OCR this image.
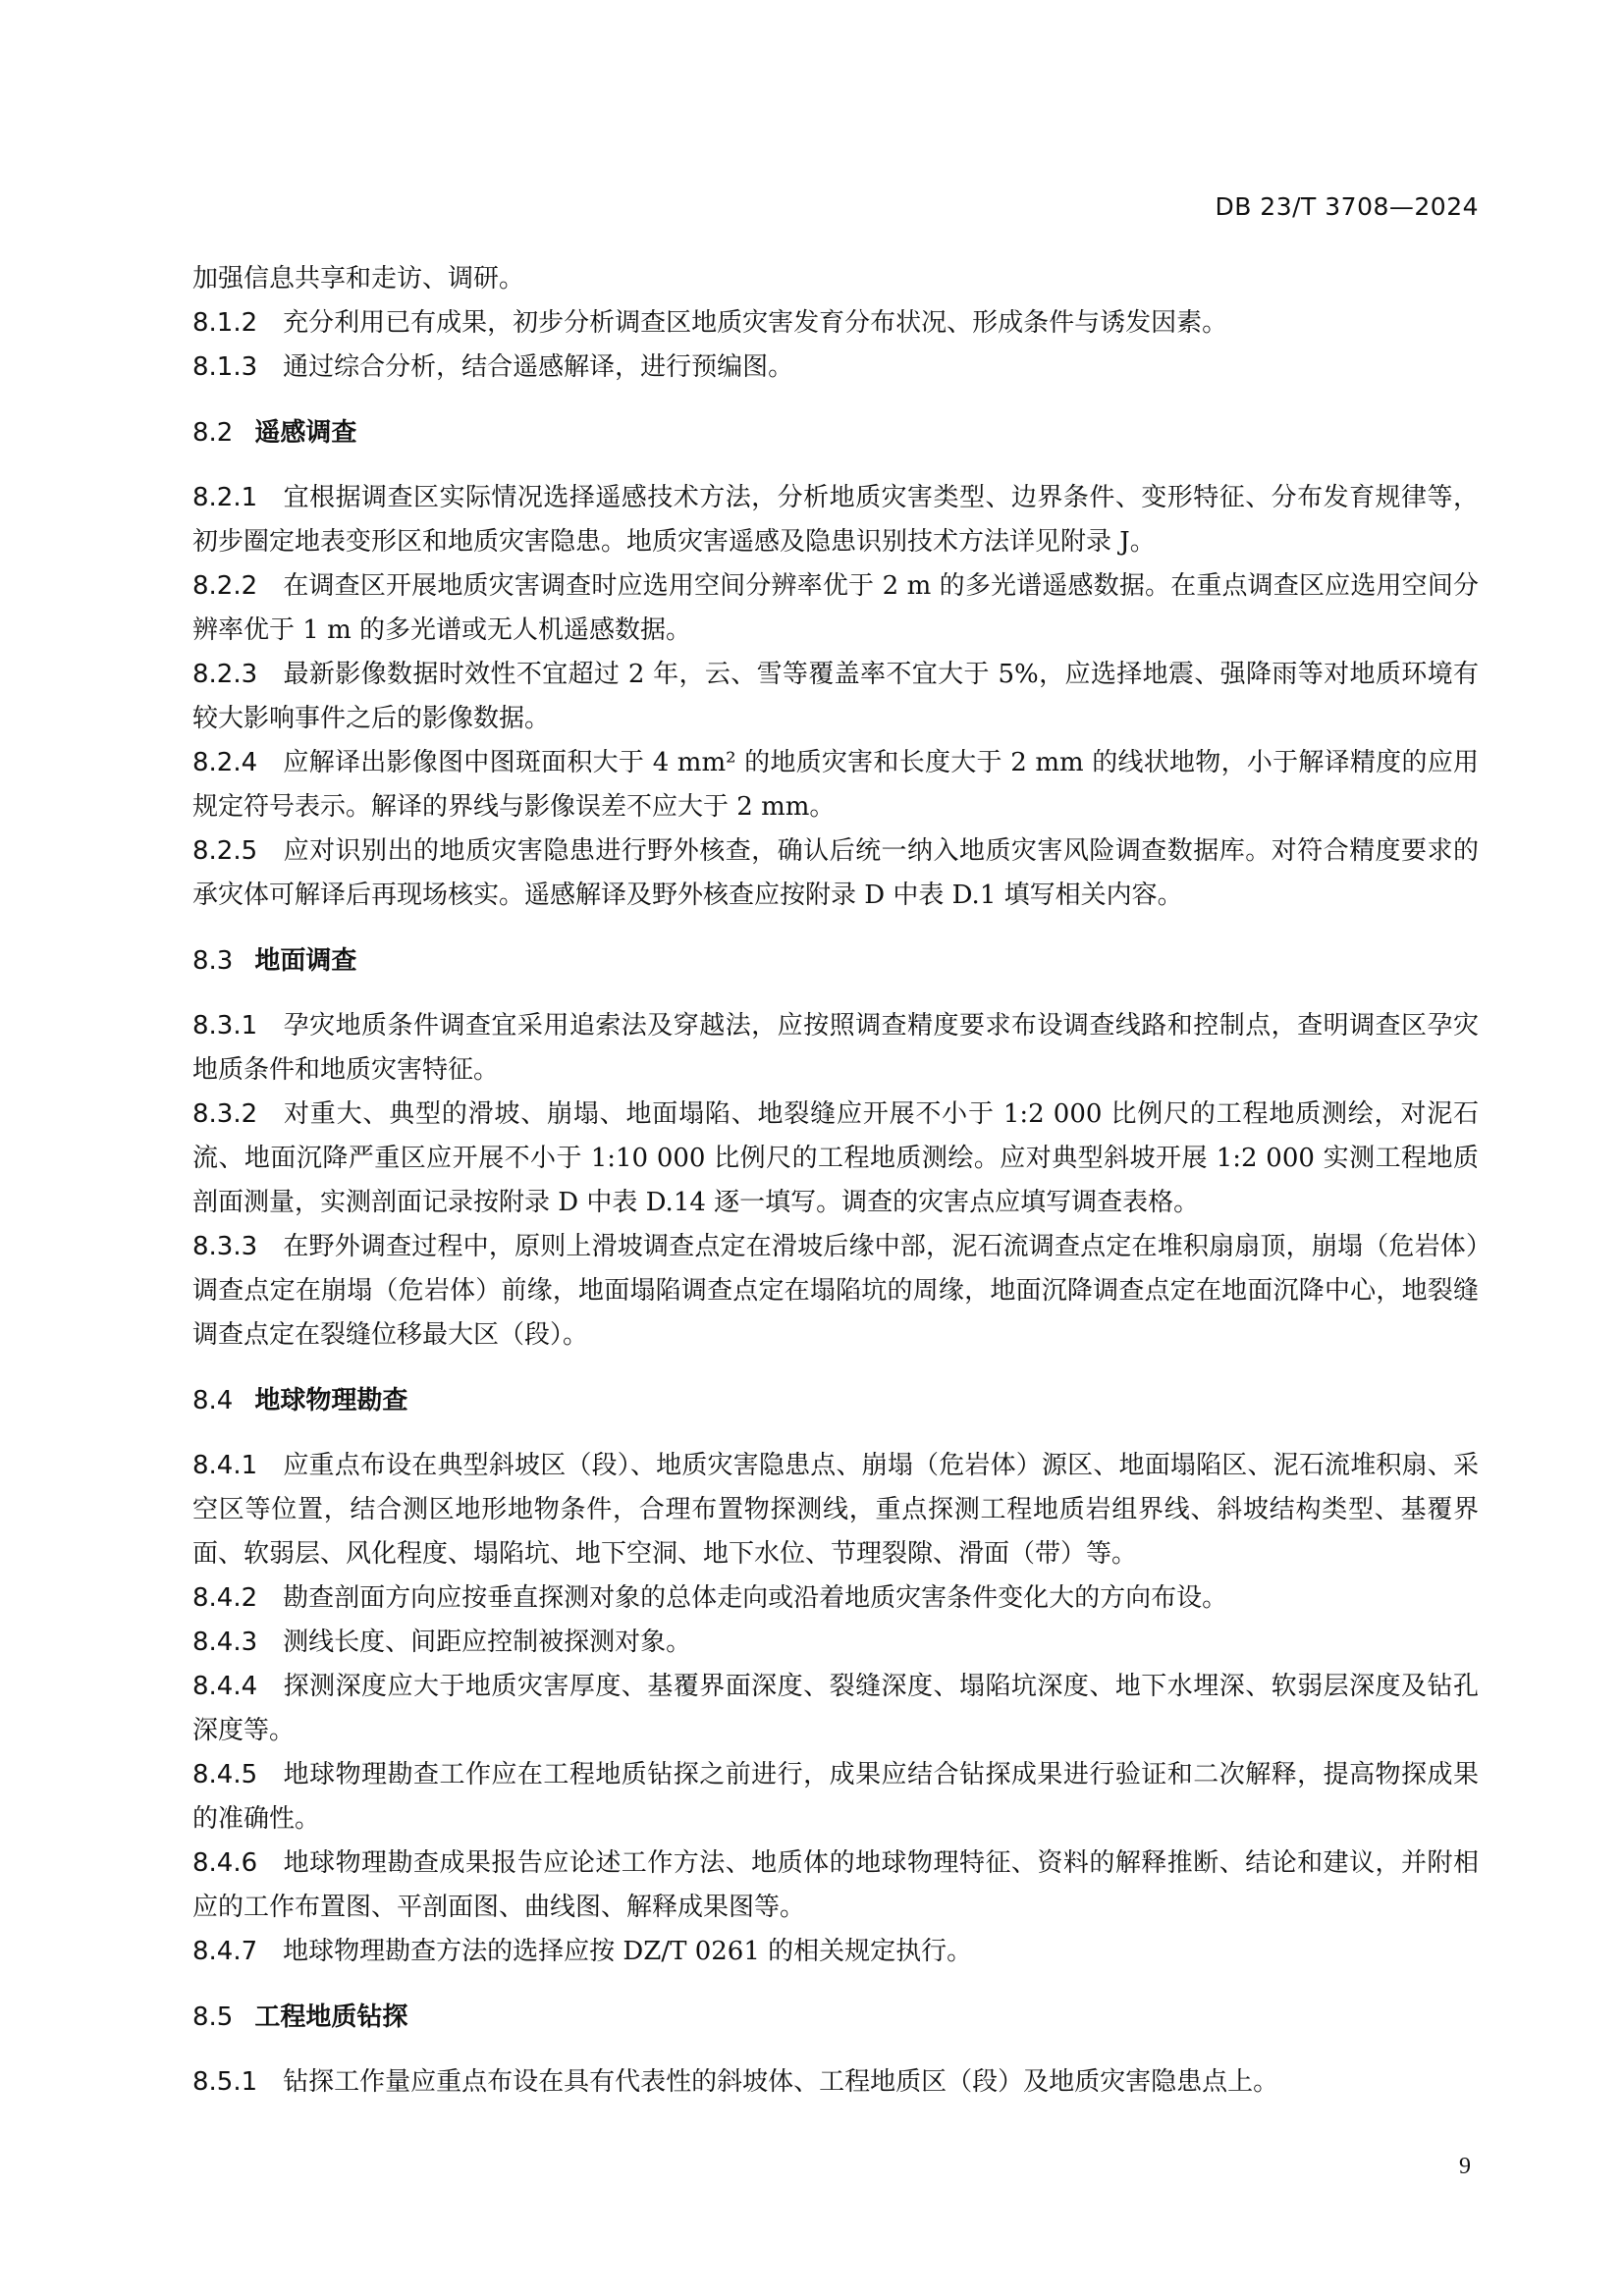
DB 23/T 3708—2024

加强信息共享和走访、调研。

8.1.2 充分利用已有成果，初步分析调查区地质灾害发育分布状况、形成条件与诱发因素。

8.1.3 通过综合分析，结合遥感解译，进行预编图。

8.2 遥感调查

8.2.1 宜根据调查区实际情况选择遥感技术方法，分析地质灾害类型、边界条件、变形特征、分布发育规律等，初步圈定地表变形区和地质灾害隐患。地质灾害遥感及隐患识别技术方法详见附录 J。

8.2.2 在调查区开展地质灾害调查时应选用空间分辨率优于 2 m 的多光谱遥感数据。在重点调查区应选用空间分辨率优于 1 m 的多光谱或无人机遥感数据。

8.2.3 最新影像数据时效性不宜超过 2 年，云、雪等覆盖率不宜大于 5%，应选择地震、强降雨等对地质环境有较大影响事件之后的影像数据。

8.2.4 应解译出影像图中图斑面积大于 4 mm² 的地质灾害和长度大于 2 mm 的线状地物，小于解译精度的应用规定符号表示。解译的界线与影像误差不应大于 2 mm。

8.2.5 应对识别出的地质灾害隐患进行野外核查，确认后统一纳入地质灾害风险调查数据库。对符合精度要求的承灾体可解译后再现场核实。遥感解译及野外核查应按附录 D 中表 D.1 填写相关内容。

8.3 地面调查

8.3.1 孕灾地质条件调查宜采用追索法及穿越法，应按照调查精度要求布设调查线路和控制点，查明调查区孕灾地质条件和地质灾害特征。

8.3.2 对重大、典型的滑坡、崩塌、地面塌陷、地裂缝应开展不小于 1:2 000 比例尺的工程地质测绘，对泥石流、地面沉降严重区应开展不小于 1:10 000 比例尺的工程地质测绘。应对典型斜坡开展 1:2 000 实测工程地质剖面测量，实测剖面记录按附录 D 中表 D.14 逐一填写。调查的灾害点应填写调查表格。

8.3.3 在野外调查过程中，原则上滑坡调查点定在滑坡后缘中部，泥石流调查点定在堆积扇扇顶，崩塌（危岩体）调查点定在崩塌（危岩体）前缘，地面塌陷调查点定在塌陷坑的周缘，地面沉降调查点定在地面沉降中心，地裂缝调查点定在裂缝位移最大区（段）。

8.4 地球物理勘查

8.4.1 应重点布设在典型斜坡区（段）、地质灾害隐患点、崩塌（危岩体）源区、地面塌陷区、泥石流堆积扇、采空区等位置，结合测区地形地物条件，合理布置物探测线，重点探测工程地质岩组界线、斜坡结构类型、基覆界面、软弱层、风化程度、塌陷坑、地下空洞、地下水位、节理裂隙、滑面（带）等。

8.4.2 勘查剖面方向应按垂直探测对象的总体走向或沿着地质灾害条件变化大的方向布设。

8.4.3 测线长度、间距应控制被探测对象。

8.4.4 探测深度应大于地质灾害厚度、基覆界面深度、裂缝深度、塌陷坑深度、地下水埋深、软弱层深度及钻孔深度等。

8.4.5 地球物理勘查工作应在工程地质钻探之前进行，成果应结合钻探成果进行验证和二次解释，提高物探成果的准确性。

8.4.6 地球物理勘查成果报告应论述工作方法、地质体的地球物理特征、资料的解释推断、结论和建议，并附相应的工作布置图、平剖面图、曲线图、解释成果图等。

8.4.7 地球物理勘查方法的选择应按 DZ/T 0261 的相关规定执行。

8.5 工程地质钻探

8.5.1 钻探工作量应重点布设在具有代表性的斜坡体、工程地质区（段）及地质灾害隐患点上。

9
